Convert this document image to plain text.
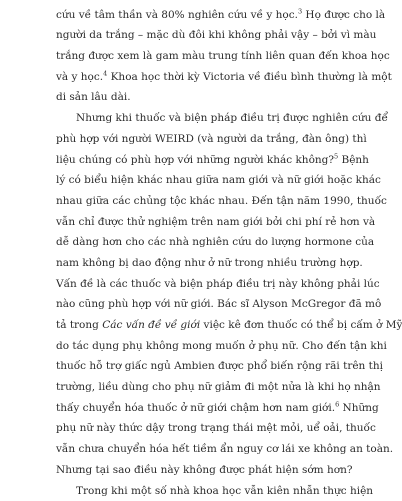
cứu về tâm thần và 80% nghiên cứu về y học.$^3$ Họ được cho là
người da trắng – mặc dù đôi khi không phải vậy – bởi vì màu
trắng được xem là gam màu trung tính liên quan đến khoa học
và y học.$^4$ Khoa học thời kỳ Victoria về điều bình thường là một
di sản lâu dài.
Nhưng khi thuốc và biện pháp điều trị được nghiên cứu để
phù hợp với người WEIRD (và người da trắng, đàn ông) thì
liệu chúng có phù hợp với những người khác không?$^5$ Bệnh
lý có biểu hiện khác nhau giữa nam giới và nữ giới hoặc khác
nhau giữa các chủng tộc khác nhau. Đến tận năm 1990, thuốc
vẫn chỉ được thử nghiệm trên nam giới bởi chi phí rẻ hơn và
dễ dàng hơn cho các nhà nghiên cứu do lượng hormone của
nam không bị dao động như ở nữ trong nhiều trường hợp.
Vấn đề là các thuốc và biện pháp điều trị này không phải lúc
nào cũng phù hợp với nữ giới. Bác sĩ Alyson McGregor đã mô
tả trong Các vấn đề về giới việc kê đơn thuốc có thể bị cấm ở Mỹ
do tác dụng phụ không mong muốn ở phụ nữ. Cho đến tận khi
thuốc hỗ trợ giấc ngủ Ambien được phổ biến rộng rãi trên thị
trường, liều dùng cho phụ nữ giảm đi một nửa là khi họ nhận
thấy chuyển hóa thuốc ở nữ giới chậm hơn nam giới.$^6$ Những
phụ nữ này thức dậy trong trạng thái mệt mỏi, uể oải, thuốc
vẫn chưa chuyển hóa hết tiềm ẩn nguy cơ lái xe không an toàn.
Nhưng tại sao điều này không được phát hiện sớm hơn?
Trong khi một số nhà khoa học vẫn kiên nhẫn thực hiện
